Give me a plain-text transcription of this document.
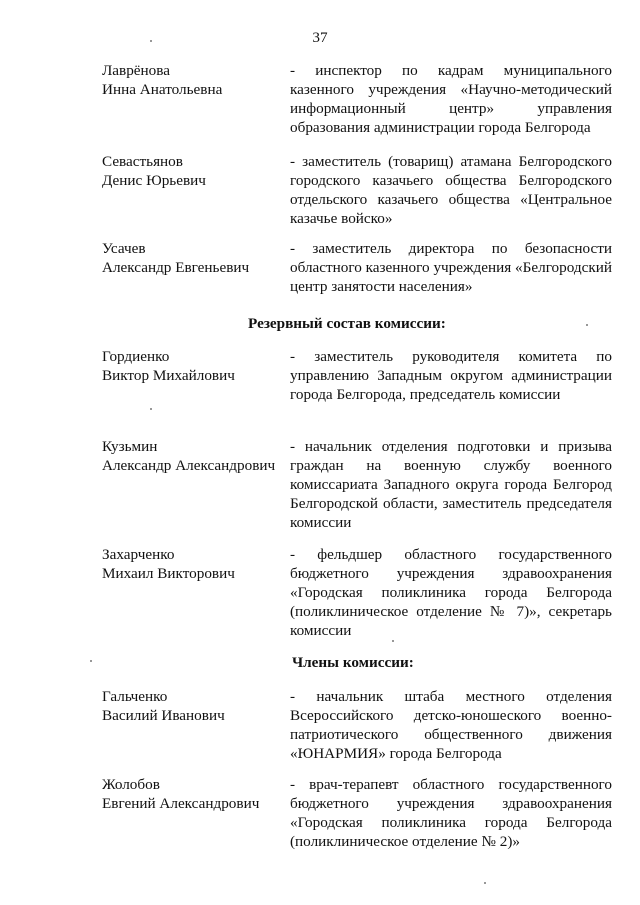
37
Лаврёнова
Инна Анатольевна
- инспектор по кадрам муниципального казенного учреждения «Научно-методический информационный центр» управления образования администрации города Белгорода
Севастьянов
Денис Юрьевич
- заместитель (товарищ) атамана Белгородского городского казачьего общества Белгородского отдельского казачьего общества «Центральное казачье войско»
Усачев
Александр Евгеньевич
- заместитель директора по безопасности областного казенного учреждения «Белгородский центр занятости населения»
Резервный состав комиссии:
Гордиенко
Виктор Михайлович
- заместитель руководителя комитета по управлению Западным округом администрации города Белгорода, председатель комиссии
Кузьмин
Александр Александрович
- начальник отделения подготовки и призыва граждан на военную службу военного комиссариата Западного округа города Белгород Белгородской области, заместитель председателя комиссии
Захарченко
Михаил Викторович
- фельдшер областного государственного бюджетного учреждения здравоохранения «Городская поликлиника города Белгорода (поликлиническое отделение № 7)», секретарь комиссии
Члены комиссии:
Гальченко
Василий Иванович
- начальник штаба местного отделения Всероссийского детско-юношеского военно-патриотического общественного движения «ЮНАРМИЯ» города Белгорода
Жолобов
Евгений Александрович
- врач-терапевт областного государственного бюджетного учреждения здравоохранения «Городская поликлиника города Белгорода (поликлиническое отделение № 2)»
